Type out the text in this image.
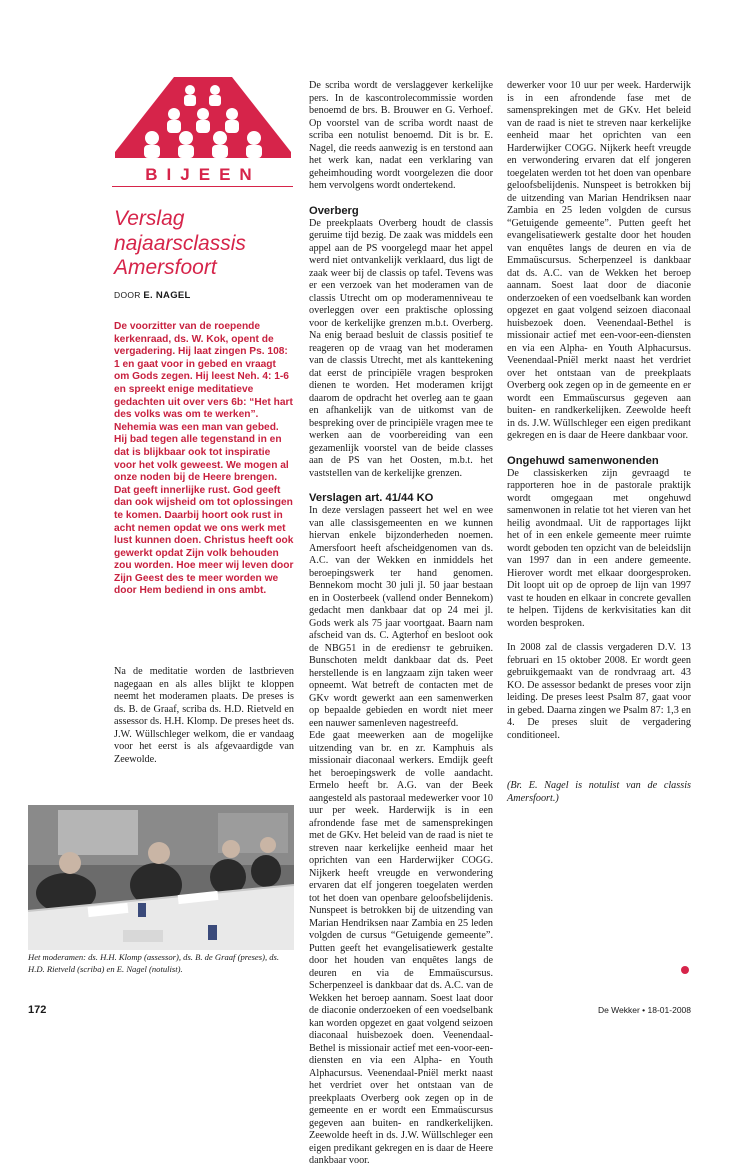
BIJEEN
Verslag najaarsclassis Amersfoort
DOOR E. NAGEL
De voorzitter van de roepende kerkenraad, ds. W. Kok, opent de vergadering. Hij laat zingen Ps. 108: 1 en gaat voor in gebed en vraagt om Gods zegen. Hij leest Neh. 4: 1-6 en spreekt enige meditatieve gedachten uit over vers 6b: “Het hart des volks was om te werken”. Nehemia was een man van gebed. Hij bad tegen alle tegenstand in en dat is blijkbaar ook tot inspiratie voor het volk geweest. We mogen al onze noden bij de Heere brengen. Dat geeft innerlijke rust. God geeft dan ook wijsheid om tot oplossingen te komen. Daarbij hoort ook rust in acht nemen opdat we ons werk met lust kunnen doen. Christus heeft ook gewerkt opdat Zijn volk behouden zou worden. Hoe meer wij leven door Zijn Geest des te meer worden we door Hem bediend in ons ambt.

Na de meditatie worden de lastbrieven nagegaan en als alles blijkt te kloppen neemt het moderamen plaats. De preses is ds. B. de Graaf, scriba ds. H.D. Rietveld en assessor ds. H.H. Klomp. De preses heet ds. J.W. Wüllschleger welkom, die er vandaag voor het eerst is als afgevaardigde van Zeewolde.

Het moderamen: ds. H.H. Klomp (assessor), ds. B. de Graaf (preses), ds. H.D. Rietveld (scriba) en E. Nagel (notulist).

De scriba wordt de verslaggever kerkelijke pers. In de kascontrolecommissie worden benoemd de brs. B. Brouwer en G. Verhoef. Op voorstel van de scriba wordt naast de scriba een notulist benoemd. Dit is br. E. Nagel, die reeds aanwezig is en terstond aan het werk kan, nadat een verklaring van geheimhouding wordt voorgelezen die door hem vervolgens wordt ondertekend.

Overberg

De preekplaats Overberg houdt de classis geruime tijd bezig. De zaak was middels een appel aan de PS voorgelegd maar het appel werd niet ontvankelijk verklaard, dus ligt de zaak weer bij de classis op tafel. Tevens was er een verzoek van het moderamen van de classis Utrecht om op moderamenniveau te overleggen over een praktische oplossing voor de kerkelijke grenzen m.b.t. Overberg. Na enig beraad besluit de classis positief te reageren op de vraag van het moderamen van de classis Utrecht, met als kanttekening dat eerst de principiële vragen besproken dienen te worden. Het moderamen krijgt daarom de opdracht het overleg aan te gaan en afhankelijk van de uitkomst van de bespreking over de principiële vragen mee te werken aan de voorbereiding van een gezamenlijk voorstel van de beide classes aan de PS van het Oosten, m.b.t. het vaststellen van de kerkelijke grenzen.

Verslagen art. 41/44 KO

In deze verslagen passeert het wel en wee van alle classisgemeenten en we kunnen hiervan enkele bijzonderheden noemen. Amersfoort heeft afscheidgenomen van ds. A.C. van der Wekken en inmiddels het beroepingswerk ter hand genomen. Bennekom mocht 30 juli jl. 50 jaar bestaan en in Oosterbeek (vallend onder Bennekom) gedacht men dankbaar dat op 24 mei jl. Gods werk als 75 jaar voortgaat. Baarn nam afscheid van ds. C. Agterhof en besloot ook de NBG51 in de erediensт te gebruiken. Bunschoten meldt dankbaar dat ds. Peet herstellende is en langzaam zijn taken weer opneemt. Wat betreft de contacten met de GKv wordt gewerkt aan een samenwerken op bepaalde gebieden en wordt niet meer een nauwer samenleven nagestreefd.

Ede gaat meewerken aan de mogelijke uitzending van br. en zr. Kamphuis als missionair diaconaal werkers. Emdijk geeft het beroepingswerk de volle aandacht. Ermelo heeft br. A.G. van der Beek aangesteld als pastoraal medewerker voor 10 uur per week. Harderwijk is in een afrondende fase met de samensprekingen met de GKv. Het beleid van de raad is niet te streven naar kerkelijke eenheid maar het oprichten van een Harderwijker COGG. Nijkerk heeft vreugde en verwondering ervaren dat elf jongeren toegelaten werden tot het doen van openbare geloofsbelijdenis. Nunspeet is betrokken bij de uitzending van Marian Hendriksen naar Zambia en 25 leden volgden de cursus “Getuigende gemeente”. Putten geeft het evangelisatiewerk gestalte door het houden van enquêtes langs de deuren en via de Emmaüscursus. Scherpenzeel is dankbaar dat ds. A.C. van de Wekken het beroep aannam. Soest laat door de diaconie onderzoeken of een voedselbank kan worden opgezet en gaat volgend seizoen diaconaal huisbezoek doen. Veenendaal-Bethel is missionair actief met een-voor-een-diensten en via een Alpha- en Youth Alphacursus. Veenendaal-Pniël merkt naast het verdriet over het ontstaan van de preekplaats Overberg ook zegen op in de gemeente en er wordt een Emmaüscursus gegeven aan buiten- en randkerkelijken. Zeewolde heeft in ds. J.W. Wüllschleger een eigen predikant gekregen en is daar de Heere dankbaar voor.

dewerker voor 10 uur per week. Harderwijk is in een afrondende fase met de samensprekingen met de GKv. Het beleid van de raad is niet te streven naar kerkelijke eenheid maar het oprichten van een Harderwijker COGG. Nijkerk heeft vreugde en verwondering ervaren dat elf jongeren toegelaten werden tot het doen van openbare geloofsbelijdenis. Nunspeet is betrokken bij de uitzending van Marian Hendriksen naar Zambia en 25 leden volgden de cursus “Getuigende gemeente”. Putten geeft het evangelisatiewerk gestalte door het houden van enquêtes langs de deuren en via de Emmaüscursus. Scherpenzeel is dankbaar dat ds. A.C. van de Wekken het beroep aannam. Soest laat door de diaconie onderzoeken of een voedselbank kan worden opgezet en gaat volgend seizoen diaconaal huisbezoek doen. Veenendaal-Bethel is missionair actief met een-voor-een-diensten en via een Alpha- en Youth Alphacursus. Veenendaal-Pniël merkt naast het verdriet over het ontstaan van de preekplaats Overberg ook zegen op in de gemeente en er wordt een Emmaüscursus gegeven aan buiten- en randkerkelijken. Zeewolde heeft in ds. J.W. Wüllschleger een eigen predikant gekregen en is daar de Heere dankbaar voor.

Ongehuwd samenwonenden

De classiskerken zijn gevraagd te rapporteren hoe in de pastorale praktijk wordt omgegaan met ongehuwd samenwonen in relatie tot het vieren van het heilig avondmaal. Uit de rapportages lijkt het of in een enkele gemeente meer ruimte wordt geboden ten opzicht van de beleidslijn van 1997 dan in een andere gemeente. Hierover wordt met elkaar doorgesproken. Dit loopt uit op de oproep de lijn van 1997 vast te houden en elkaar in concrete gevallen te helpen. Tijdens de kerkvisitaties kan dit worden besproken.

In 2008 zal de classis vergaderen D.V. 13 februari en 15 oktober 2008. Er wordt geen gebruikgemaakt van de rondvraag art. 43 KO. De assessor bedankt de preses voor zijn leiding. De preses leest Psalm 87, gaat voor in gebed. Daarna zingen we Psalm 87: 1,3 en 4. De preses sluit de vergadering conditioneel.

(Br. E. Nagel is notulist van de classis Amersfoort.)

172	De Wekker • 18-01-2008
